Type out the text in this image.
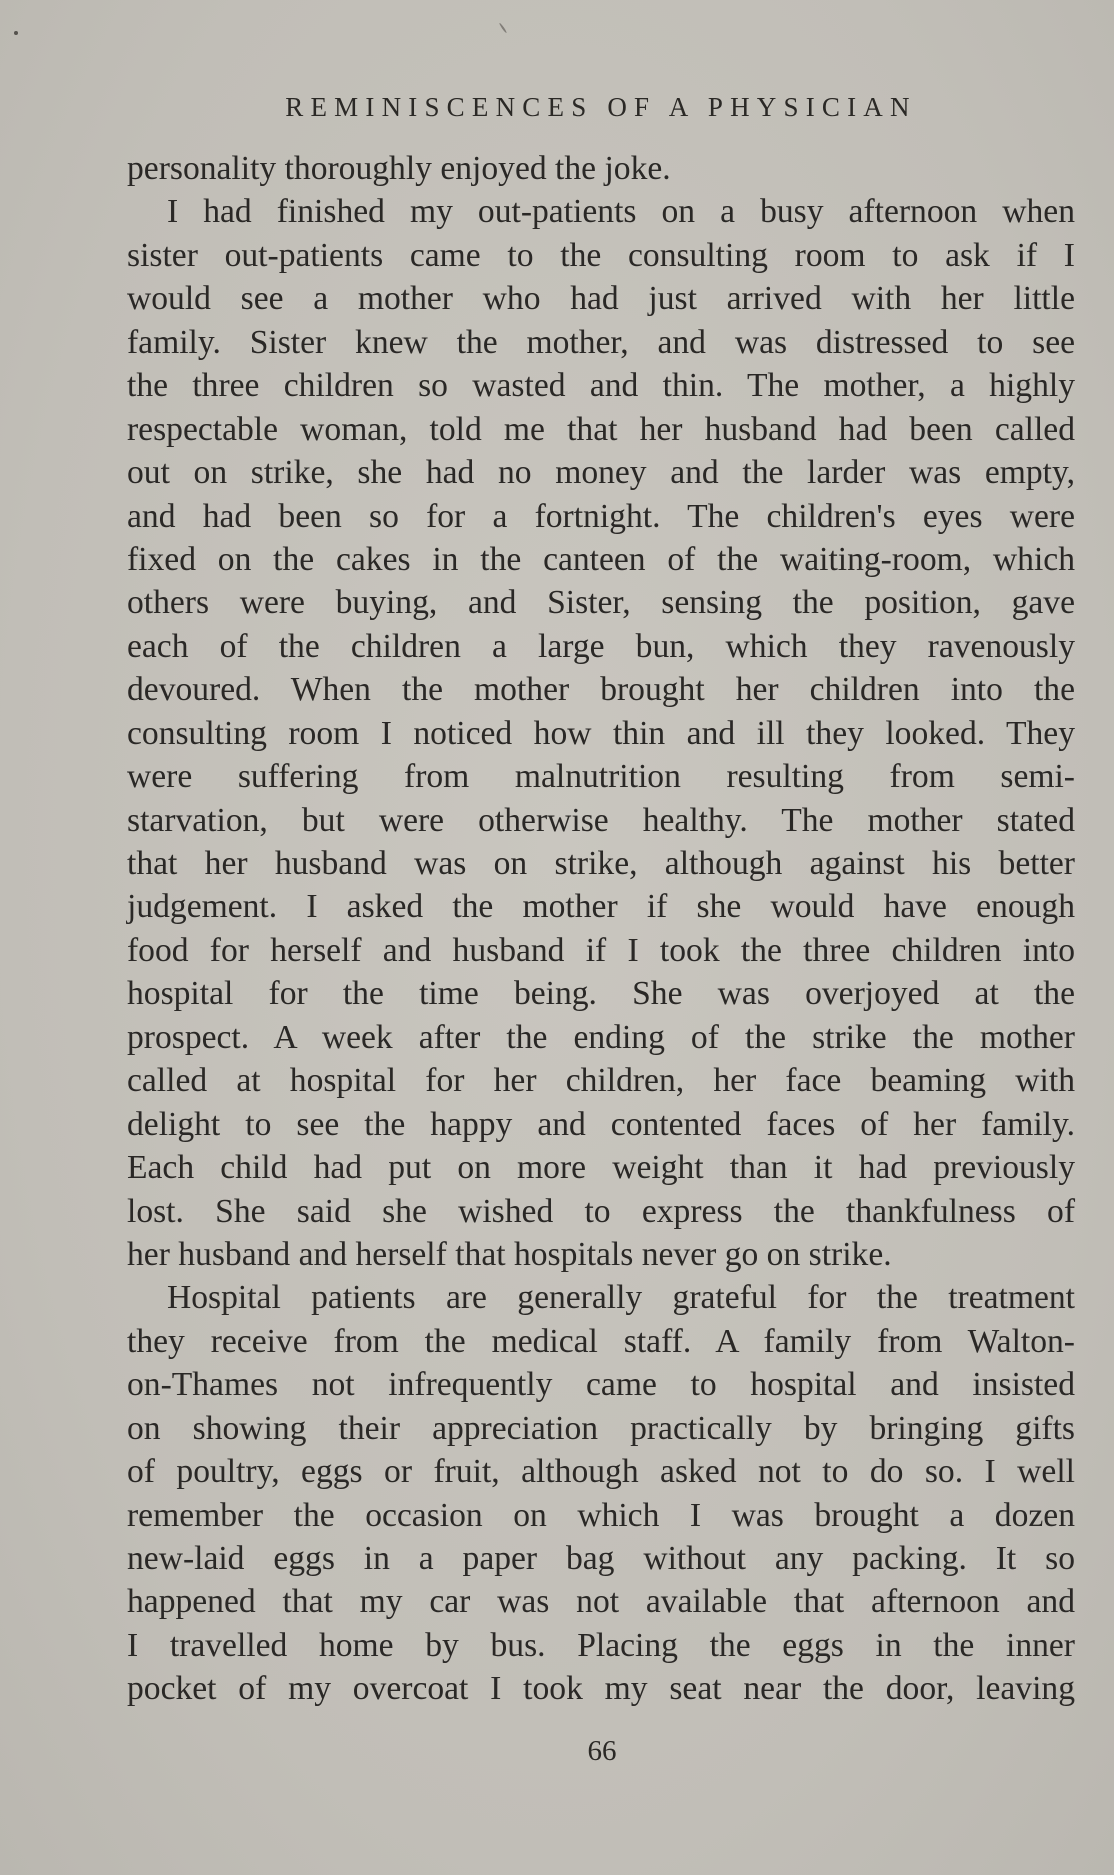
REMINISCENCES OF A PHYSICIAN
personality thoroughly enjoyed the joke.
I had finished my out-patients on a busy afternoon when
sister out-patients came to the consulting room to ask if I
would see a mother who had just arrived with her little
family. Sister knew the mother, and was distressed to see
the three children so wasted and thin. The mother, a highly
respectable woman, told me that her husband had been called
out on strike, she had no money and the larder was empty,
and had been so for a fortnight. The children's eyes were
fixed on the cakes in the canteen of the waiting-room, which
others were buying, and Sister, sensing the position, gave
each of the children a large bun, which they ravenously
devoured. When the mother brought her children into the
consulting room I noticed how thin and ill they looked. They
were suffering from malnutrition resulting from semi-
starvation, but were otherwise healthy. The mother stated
that her husband was on strike, although against his better
judgement. I asked the mother if she would have enough
food for herself and husband if I took the three children into
hospital for the time being. She was overjoyed at the
prospect. A week after the ending of the strike the mother
called at hospital for her children, her face beaming with
delight to see the happy and contented faces of her family.
Each child had put on more weight than it had previously
lost. She said she wished to express the thankfulness of
her husband and herself that hospitals never go on strike.
Hospital patients are generally grateful for the treatment
they receive from the medical staff. A family from Walton-
on-Thames not infrequently came to hospital and insisted
on showing their appreciation practically by bringing gifts
of poultry, eggs or fruit, although asked not to do so. I well
remember the occasion on which I was brought a dozen
new-laid eggs in a paper bag without any packing. It so
happened that my car was not available that afternoon and
I travelled home by bus. Placing the eggs in the inner
pocket of my overcoat I took my seat near the door, leaving
66
